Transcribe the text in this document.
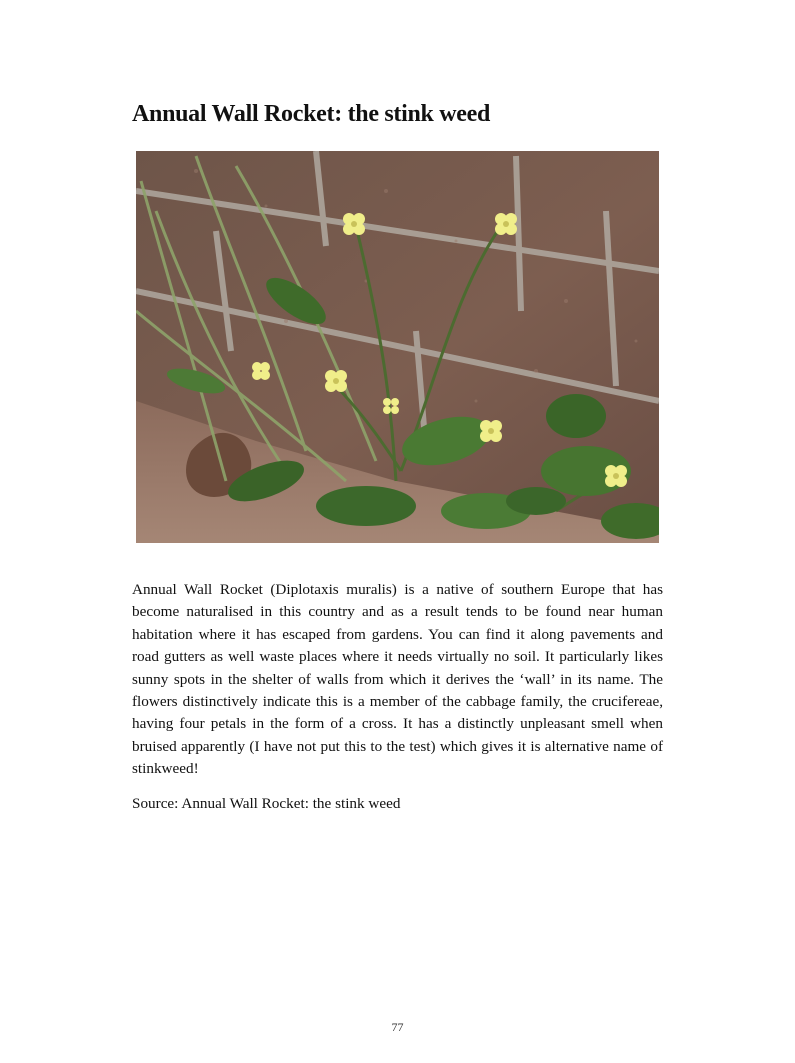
Annual Wall Rocket: the stink weed

Annual Wall Rocket (Diplotaxis muralis) is a native of southern Europe that has become naturalised in this country and as a result tends to be found near human habitation where it has escaped from gardens. You can find it along pavements and road gutters as well waste places where it needs virtually no soil. It particularly likes sunny spots in the shelter of walls from which it derives the ‘wall’ in its name. The flowers distinctively indicate this is a member of the cabbage family, the crucifereae, having four petals in the form of a cross. It has a distinctly unpleasant smell when bruised apparently (I have not put this to the test) which gives it is alternative name of stinkweed!

Source: Annual Wall Rocket: the stink weed

77
